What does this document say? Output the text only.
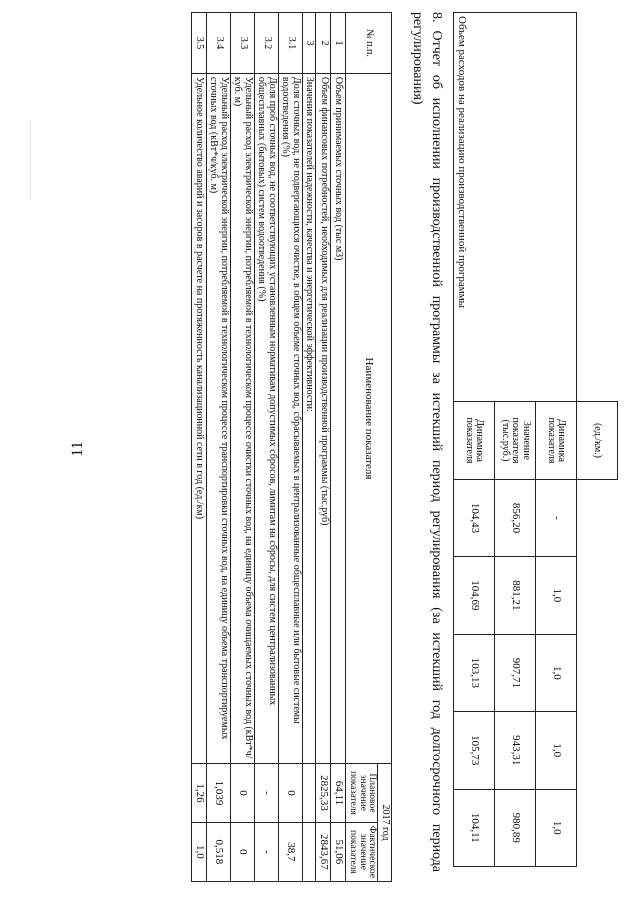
11
		(ед./км.)					
Объем расходов на реализацию производственной программы	Динамика показателя	-	1,0	1,0	1,0	1,0
	Значение показателя (тыс.руб.)	856,20	881,21	907,71	943,31	980,89
	Динамика показателя	104,43	104,69	103,13	105,73	104,11
8.Отчет об исполнении производственной программы за истекший период регулирования (за истекший год долгосрочного периода регулирования)
№ п.п.	Наименование показателя	2017 год	
		Плановое значение показателя	Фактическое значение показателя
1	Объем принимаемых сточных вод (тыс м3)	64,11	51,06
2	Объем финансовых потребностей, необходимых для реализации производственной программы (тыс.руб)	2825,33	2843,67
3	Значения показателей надежности, качества и энергетической эффективности:		
3.1	Доля сточных вод, не подвергающихся очистке, в общем объеме сточных вод, сбрасываемых в централизованные общесплавные или бытовые системы водоотведения (%)	0	38,7
3.2	Доля проб сточных вод, не соответствующих установленным нормативам допустимых сбросов, лимитам на сбросы, для систем централизованных общесплавных (бытовых) систем водоотведения (%)	-	-
3.3	Удельный расход электрической энергии, потребляемой в технологическом процессе очистки сточных вод, на единицу объема очищаемых сточных вод (кВт*ч/куб. м)	0	0
3.4	Удельный расход электрической энергии, потребляемой в технологическом процессе транспортировки сточных вод, на единицу объема транспортируемых сточных вод (кВт*ч/куб. м)	1,039	0,518
3.5	Удельное количество аварий и засоров в расчете на протяженность канализационной сети в год (ед./км)	1,26	1,0
